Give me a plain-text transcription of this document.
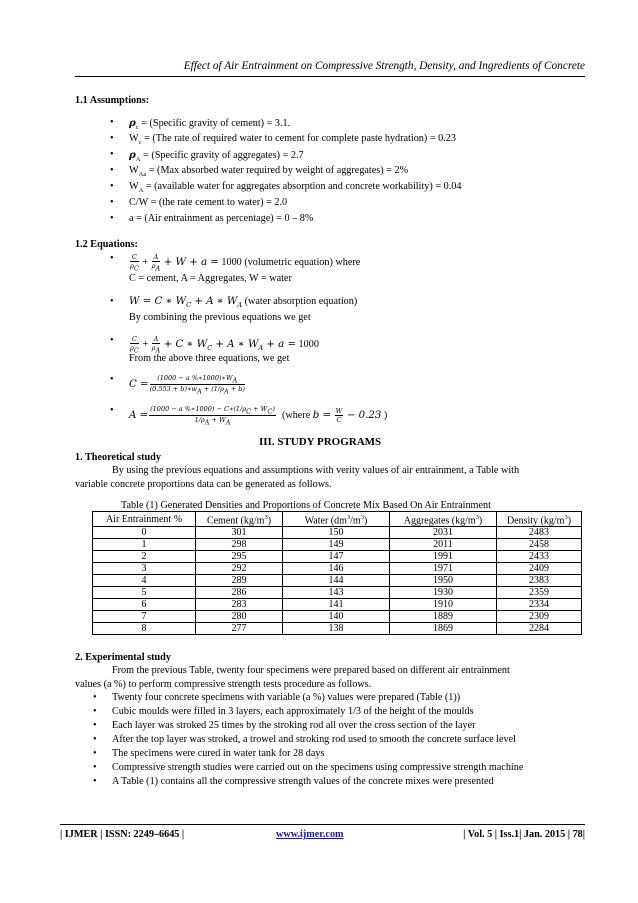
Effect of Air Entrainment on Compressive Strength, Density, and Ingredients of Concrete
1.1 Assumptions:
• $\rho_c$ = (Specific gravity of cement) = 3.1.
• $W_c = (The$ rate of required water to cement for complete paste hydration) = 0.23
• $\rho_A$ = (Specific gravity of aggregates) = 2.7
• $W_{Aa} = (Max$ absorbed water required by weight of aggregates) = 2%
• $W_A$ = (available water for aggregates absorption and concrete workability) = 0.04
• C/W = (the rate cement to water) = 2.0
• a = (Air entrainment as percentage) = 0 – 8%
1.2 Equations:
• $\frac{C}{\rho_C} + \frac{A}{\rho_A} + W + a = 1000$ (volumetric equation) where
C = cement, A = Aggregates, W = water
• W = C ∗ $W_C + A$ ∗ $W_A$ (water absorption equation)
By combining the previous equations we get
• $\frac{C}{\rho_C} + \frac{A}{\rho_A} + C$ ∗ $W_C + A$ ∗ $W_A + a = 1000$
From the above three equations, we get
• $C = \frac{(1000 - a \%∗1000)∗W_A}{(0.553 + b)∗w_A + (1/\rho_A + b)}$
• $A = \frac{(1000 - a \%∗1000) - C∗(1/\rho_C + W_C)}{1/\rho_A + W_A}$ (where $b = \frac{W}{C} - 0.23$ )
III. STUDY PROGRAMS
1. Theoretical study
By using the previous equations and assumptions with verity values of air entrainment, a Table with
variable concrete proportions data can be generated as follows.
Table (1) Generated Densities and Proportions of Concrete Mix Based On Air Entrainment
Air Entrainment %	Cement $(kg/m^3)$	Water $(dm^3/m^3)$	Aggregates $(kg/m^3)$	Density $(kg/m^3)$
0	301	150	2031	2483
1	298	149	2011	2458
2	295	147	1991	2433
3	292	146	1971	2409
4	289	144	1950	2383
5	286	143	1930	2359
6	283	141	1910	2334
7	280	140	1889	2309
8	277	138	1869	2284
2. Experimental study
From the previous Table, twenty four specimens were prepared based on different air entrainment
values (a %) to perform compressive strength tests procedure as follows.
• Twenty four concrete specimens with variable (a %) values were prepared (Table (1))
• Cubic moulds were filled in 3 layers, each approximately 1/3 of the height of the moulds
• Each layer was stroked 25 times by the stroking rod all over the cross section of the layer
• After the top layer was stroked, a trowel and stroking rod used to smooth the concrete surface level
• The specimens were cured in water tank for 28 days
• Compressive strength studies were carried out on the specimens using compressive strength machine
• A Table (1) contains all the compressive strength values of the concrete mixes were presented
| IJMER | ISSN: 2249–6645 |	www.ijmer.com	| Vol. 5 | Iss.1| Jan. 2015 | 78|
